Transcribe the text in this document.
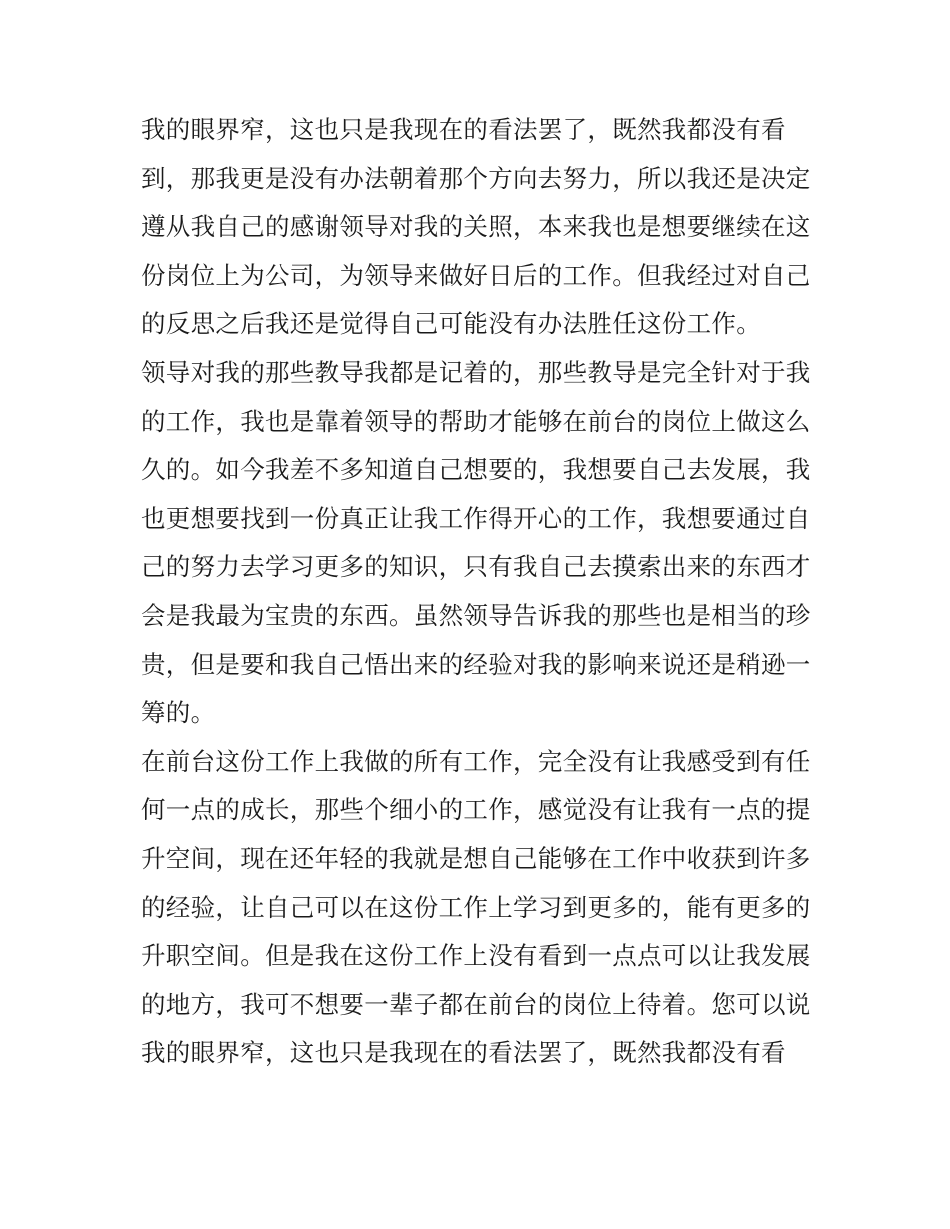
我的眼界窄，这也只是我现在的看法罢了，既然我都没有看
到，那我更是没有办法朝着那个方向去努力，所以我还是决定
遵从我自己的感谢领导对我的关照，本来我也是想要继续在这
份岗位上为公司，为领导来做好日后的工作。但我经过对自己
的反思之后我还是觉得自己可能没有办法胜任这份工作。
领导对我的那些教导我都是记着的，那些教导是完全针对于我
的工作，我也是靠着领导的帮助才能够在前台的岗位上做这么
久的。如今我差不多知道自己想要的，我想要自己去发展，我
也更想要找到一份真正让我工作得开心的工作，我想要通过自
己的努力去学习更多的知识，只有我自己去摸索出来的东西才
会是我最为宝贵的东西。虽然领导告诉我的那些也是相当的珍
贵，但是要和我自己悟出来的经验对我的影响来说还是稍逊一
筹的。
在前台这份工作上我做的所有工作，完全没有让我感受到有任
何一点的成长，那些个细小的工作，感觉没有让我有一点的提
升空间，现在还年轻的我就是想自己能够在工作中收获到许多
的经验，让自己可以在这份工作上学习到更多的，能有更多的
升职空间。但是我在这份工作上没有看到一点点可以让我发展
的地方，我可不想要一辈子都在前台的岗位上待着。您可以说
我的眼界窄，这也只是我现在的看法罢了，既然我都没有看
